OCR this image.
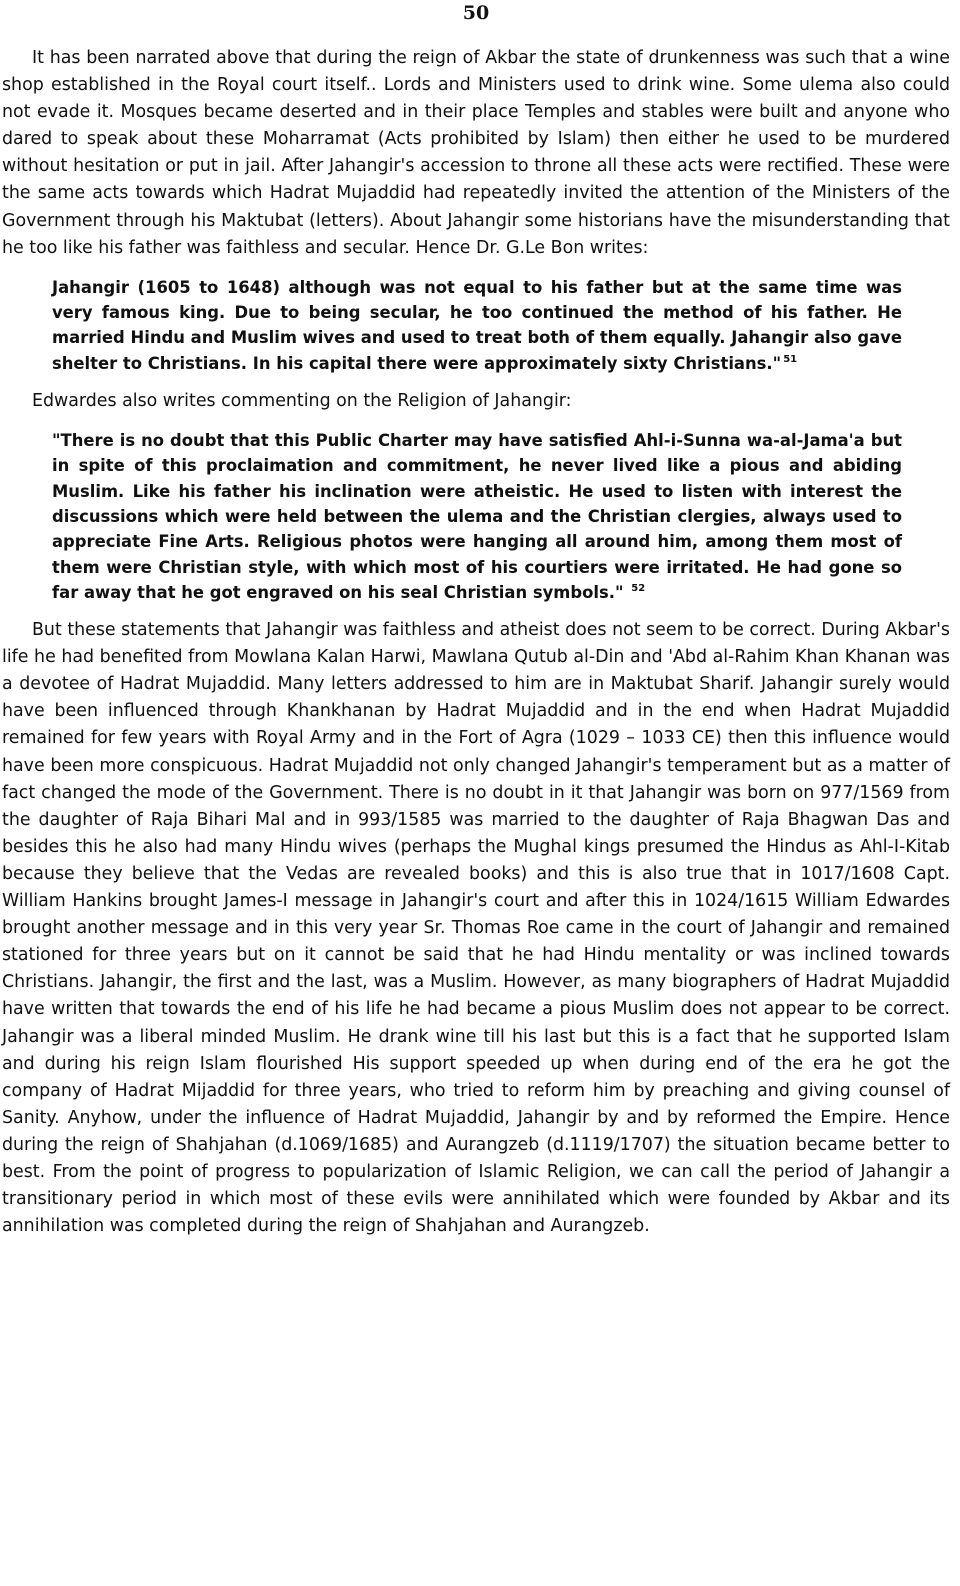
50

It has been narrated above that during the reign of Akbar the state of drunkenness was such that a wine shop established in the Royal court itself.. Lords and Ministers used to drink wine. Some ulema also could not evade it. Mosques became deserted and in their place Temples and stables were built and anyone who dared to speak about these Moharramat (Acts prohibited by Islam) then either he used to be murdered without hesitation or put in jail. After Jahangir's accession to throne all these acts were rectified. These were the same acts towards which Hadrat Mujaddid had repeatedly invited the attention of the Ministers of the Government through his Maktubat (letters). About Jahangir some historians have the misunderstanding that he too like his father was faithless and secular. Hence Dr. G.Le Bon writes:

Jahangir (1605 to 1648) although was not equal to his father but at the same time was very famous king. Due to being secular, he too continued the method of his father. He married Hindu and Muslim wives and used to treat both of them equally. Jahangir also gave shelter to Christians. In his capital there were approximately sixty Christians." $^{51}$

Edwardes also writes commenting on the Religion of Jahangir:

"There is no doubt that this Public Charter may have satisfied Ahl-i-Sunna wa-al-Jama'a but in spite of this proclaimation and commitment, he never lived like a pious and abiding Muslim. Like his father his inclination were atheistic. He used to listen with interest the discussions which were held between the ulema and the Christian clergies, always used to appreciate Fine Arts. Religious photos were hanging all around him, among them most of them were Christian style, with which most of his courtiers were irritated. He had gone so far away that he got engraved on his seal Christian symbols." $^{52}$

But these statements that Jahangir was faithless and atheist does not seem to be correct. During Akbar's life he had benefited from Mowlana Kalan Harwi, Mawlana Qutub al-Din and 'Abd al-Rahim Khan Khanan was a devotee of Hadrat Mujaddid. Many letters addressed to him are in Maktubat Sharif. Jahangir surely would have been influenced through Khankhanan by Hadrat Mujaddid and in the end when Hadrat Mujaddid remained for few years with Royal Army and in the Fort of Agra (1029 – 1033 CE) then this influence would have been more conspicuous. Hadrat Mujaddid not only changed Jahangir's temperament but as a matter of fact changed the mode of the Government. There is no doubt in it that Jahangir was born on 977/1569 from the daughter of Raja Bihari Mal and in 993/1585 was married to the daughter of Raja Bhagwan Das and besides this he also had many Hindu wives (perhaps the Mughal kings presumed the Hindus as Ahl-I-Kitab because they believe that the Vedas are revealed books) and this is also true that in 1017/1608 Capt. William Hankins brought James-I message in Jahangir's court and after this in 1024/1615 William Edwardes brought another message and in this very year Sr. Thomas Roe came in the court of Jahangir and remained stationed for three years but on it cannot be said that he had Hindu mentality or was inclined towards Christians. Jahangir, the first and the last, was a Muslim. However, as many biographers of Hadrat Mujaddid have written that towards the end of his life he had became a pious Muslim does not appear to be correct. Jahangir was a liberal minded Muslim. He drank wine till his last but this is a fact that he supported Islam and during his reign Islam flourished His support speeded up when during end of the era he got the company of Hadrat Mijaddid for three years, who tried to reform him by preaching and giving counsel of Sanity. Anyhow, under the influence of Hadrat Mujaddid, Jahangir by and by reformed the Empire. Hence during the reign of Shahjahan (d.1069/1685) and Aurangzeb (d.1119/1707) the situation became better to best. From the point of progress to popularization of Islamic Religion, we can call the period of Jahangir a transitionary period in which most of these evils were annihilated which were founded by Akbar and its annihilation was completed during the reign of Shahjahan and Aurangzeb.
